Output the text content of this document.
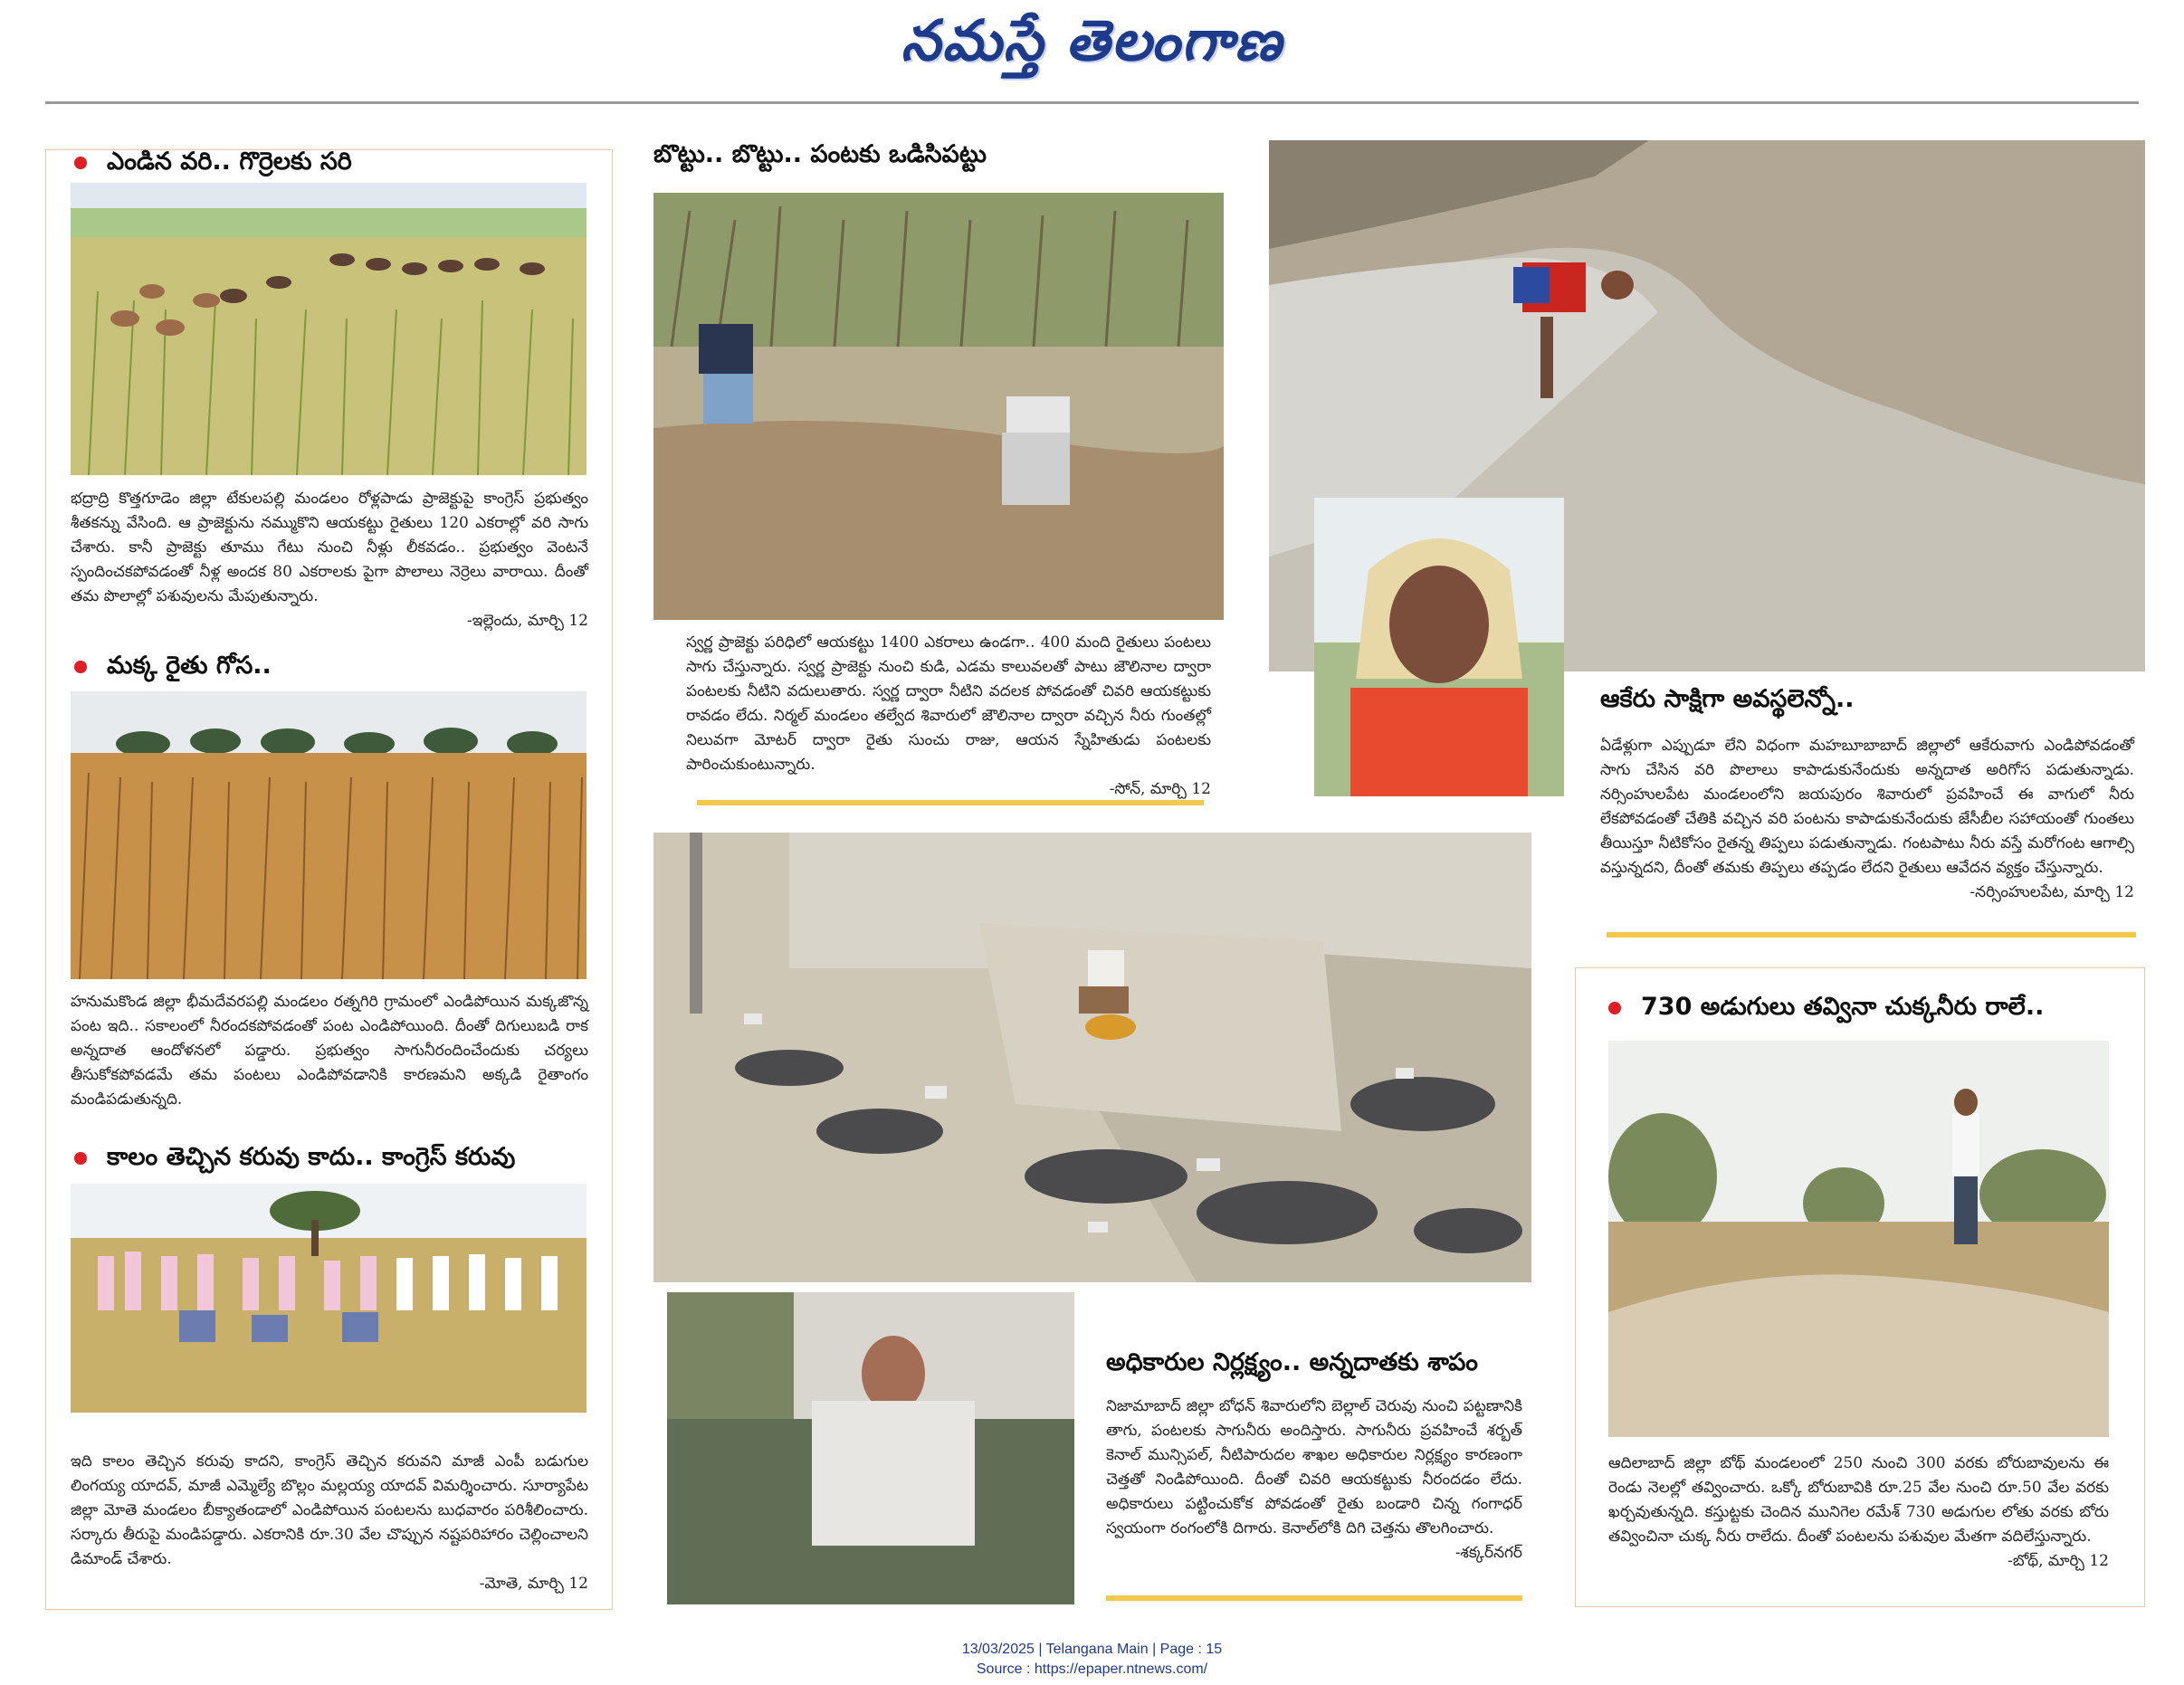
నమస్తే తెలంగాణ
ఎండిన వరి.. గొర్రెలకు సరి
భద్రాద్రి కొత్తగూడెం జిల్లా టేకులపల్లి మండలం రోళ్లపాడు ప్రాజెక్టుపై కాంగ్రెస్ ప్రభుత్వం శీతకన్ను వేసింది. ఆ ప్రాజెక్టును నమ్ముకొని ఆయకట్టు రైతులు 120 ఎకరాల్లో వరి సాగు చేశారు. కానీ ప్రాజెక్టు తూము గేటు నుంచి నీళ్లు లీకవడం.. ప్రభుత్వం వెంటనే స్పందించకపోవడంతో నీళ్ల అందక 80 ఎకరాలకు పైగా పొలాలు నెర్రెలు వారాయి. దీంతో తమ పొలాల్లో పశువులను మేపుతున్నారు.
-ఇల్లెందు, మార్చి 12
మక్క రైతు గోస..
హనుమకొండ జిల్లా భీమదేవరపల్లి మండలం రత్నగిరి గ్రామంలో ఎండిపోయిన మక్కజొన్న పంట ఇది.. సకాలంలో నీరందకపోవడంతో పంట ఎండిపోయింది. దీంతో దిగులుబడి రాక అన్నదాత ఆందోళనలో పడ్డారు. ప్రభుత్వం సాగునీరందించేందుకు చర్యలు తీసుకోకపోవడమే తమ పంటలు ఎండిపోవడానికి కారణమని అక్కడి రైతాంగం మండిపడుతున్నది.
కాలం తెచ్చిన కరువు కాదు.. కాంగ్రెస్ కరువు
ఇది కాలం తెచ్చిన కరువు కాదని, కాంగ్రెస్ తెచ్చిన కరువని మాజీ ఎంపీ బడుగుల లింగయ్య యాదవ్, మాజీ ఎమ్మెల్యే బొల్లం మల్లయ్య యాదవ్ విమర్శించారు. సూర్యాపేట జిల్లా మోతె మండలం బీక్యాతండాలో ఎండిపోయిన పంటలను బుధవారం పరిశీలించారు. సర్కారు తీరుపై మండిపడ్డారు. ఎకరానికి రూ.30 వేల చొప్పున నష్టపరిహారం చెల్లించాలని డిమాండ్ చేశారు.
-మోతె, మార్చి 12
బొట్టు.. బొట్టు.. పంటకు ఒడిసిపట్టు
స్వర్ణ ప్రాజెక్టు పరిధిలో ఆయకట్టు 1400 ఎకరాలు ఉండగా.. 400 మంది రైతులు పంటలు సాగు చేస్తున్నారు. స్వర్ణ ప్రాజెక్టు నుంచి కుడి, ఎడమ కాలువలతో పాటు జౌలినాల ద్వారా పంటలకు నీటిని వదులుతారు. స్వర్ణ ద్వారా నీటిని వదలక పోవడంతో చివరి ఆయకట్టుకు రావడం లేదు. నిర్మల్ మండలం తల్వేద శివారులో జౌలినాల ద్వారా వచ్చిన నీరు గుంతల్లో నిలువగా మోటర్ ద్వారా రైతు సుంచు రాజు, ఆయన స్నేహితుడు పంటలకు పారించుకుంటున్నారు.
-సోన్, మార్చి 12
అధికారుల నిర్లక్ష్యం.. అన్నదాతకు శాపం
నిజామాబాద్ జిల్లా బోధన్ శివారులోని బెల్లాల్ చెరువు నుంచి పట్టణానికి తాగు, పంటలకు సాగునీరు అందిస్తారు. సాగునీరు ప్రవహించే శర్బత్ కెనాల్ మున్సిపల్, నీటిపారుదల శాఖల అధికారుల నిర్లక్ష్యం కారణంగా చెత్తతో నిండిపోయింది. దీంతో చివరి ఆయకట్టుకు నీరందడం లేదు. అధికారులు పట్టించుకోక పోవడంతో రైతు బండారి చిన్న గంగాధర్ స్వయంగా రంగంలోకి దిగారు. కెనాల్‌లోకి దిగి చెత్తను తొలగించారు.
-శక్కర్‌నగర్
ఆకేరు సాక్షిగా అవస్థలెన్నో..
ఏడేళ్లుగా ఎప్పుడూ లేని విధంగా మహబూబాబాద్ జిల్లాలో ఆకేరువాగు ఎండిపోవడంతో సాగు చేసిన వరి పొలాలు కాపాడుకునేందుకు అన్నదాత అరిగోస పడుతున్నాడు. నర్సింహులపేట మండలంలోని జయపురం శివారులో ప్రవహించే ఈ వాగులో నీరు లేకపోవడంతో చేతికి వచ్చిన వరి పంటను కాపాడుకునేందుకు జేసీబీల సహాయంతో గుంతలు తీయిస్తూ నీటికోసం రైతన్న తిప్పలు పడుతున్నాడు. గంటపాటు నీరు వస్తే మరోగంట ఆగాల్సి వస్తున్నదని, దీంతో తమకు తిప్పలు తప్పడం లేదని రైతులు ఆవేదన వ్యక్తం చేస్తున్నారు.
-నర్సింహులపేట, మార్చి 12
730 అడుగులు తవ్వినా చుక్కనీరు రాలే..
ఆదిలాబాద్ జిల్లా బోథ్ మండలంలో 250 నుంచి 300 వరకు బోరుబావులను ఈ రెండు నెలల్లో తవ్వించారు. ఒక్కో బోరుబావికి రూ.25 వేల నుంచి రూ.50 వేల వరకు ఖర్చవుతున్నది. కస్తుట్టకు చెందిన మునిగెల రమేశ్ 730 అడుగుల లోతు వరకు బోరు తవ్వించినా చుక్క నీరు రాలేదు. దీంతో పంటలను పశువుల మేతగా వదిలేస్తున్నారు.
-బోథ్, మార్చి 12
13/03/2025 | Telangana Main | Page : 15
Source : https://epaper.ntnews.com/
